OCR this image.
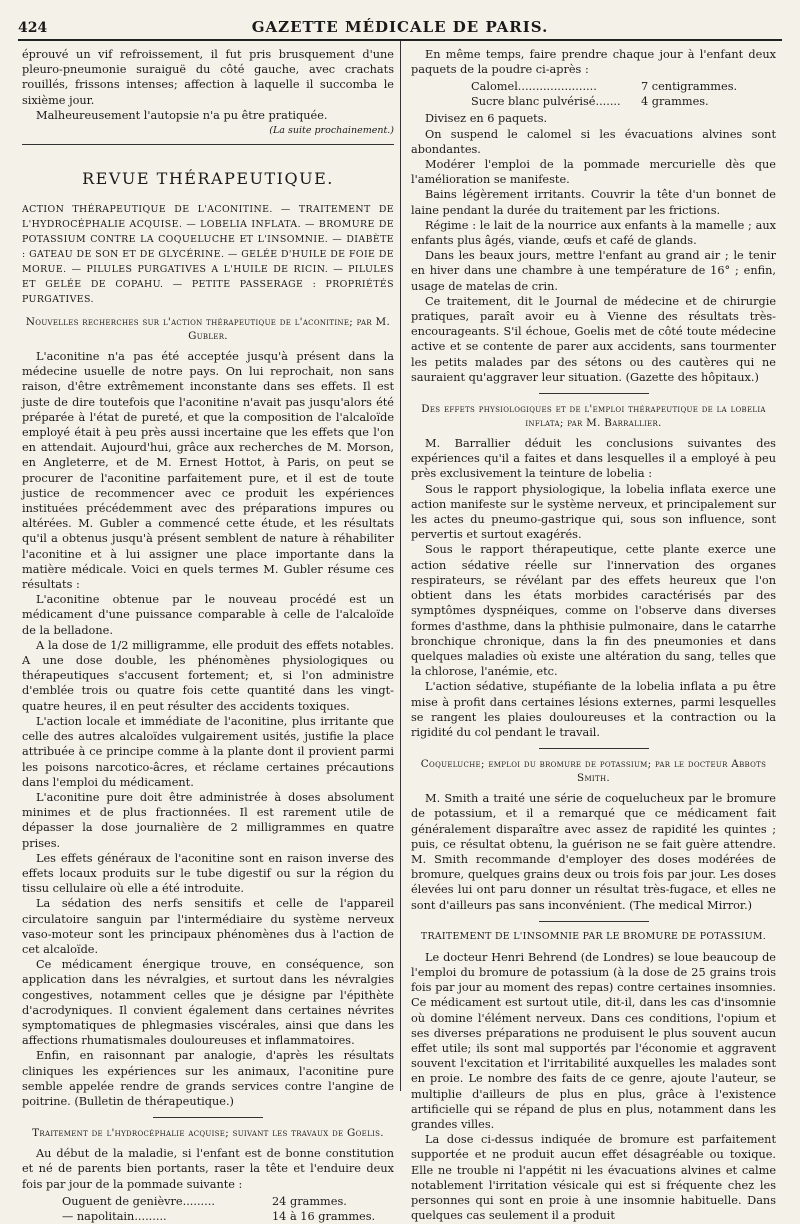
424	GAZETTE MÉDICALE DE PARIS.

éprouvé un vif refroissement, il fut pris brusquement d'une pleuro-pneumonie suraiguë du côté gauche, avec crachats rouillés, frissons intenses; affection à laquelle il succomba le sixième jour.

Malheureusement l'autopsie n'a pu être pratiquée.

(La suite prochainement.)
REVUE THÉRAPEUTIQUE.
ACTION THÉRAPEUTIQUE DE L'ACONITINE. — TRAITEMENT DE L'HYDROCÉPHALIE ACQUISE. — LOBELIA INFLATA. — BROMURE DE POTASSIUM CONTRE LA COQUELUCHE ET L'INSOMNIE. — DIABÈTE : GATEAU DE SON ET DE GLYCÉRINE. — GELÉE D'HUILE DE FOIE DE MORUE. — PILULES PURGATIVES A L'HUILE DE RICIN. — PILULES ET GELÉE DE COPAHU. — PETITE PASSERAGE : PROPRIÉTÉS PURGATIVES.
Nouvelles recherches sur l'action thérapeutique de l'aconitine; par M. Gubler.

L'aconitine n'a pas été acceptée jusqu'à présent dans la médecine usuelle de notre pays. On lui reprochait, non sans raison, d'être extrêmement inconstante dans ses effets. Il est juste de dire toutefois que l'aconitine n'avait pas jusqu'alors été préparée à l'état de pureté, et que la composition de l'alcaloïde employé était à peu près aussi incertaine que les effets que l'on en attendait. Aujourd'hui, grâce aux recherches de M. Morson, en Angleterre, et de M. Ernest Hottot, à Paris, on peut se procurer de l'aconitine parfaitement pure, et il est de toute justice de recommencer avec ce produit les expériences instituées précédemment avec des préparations impures ou altérées. M. Gubler a commencé cette étude, et les résultats qu'il a obtenus jusqu'à présent semblent de nature à réhabiliter l'aconitine et à lui assigner une place importante dans la matière médicale. Voici en quels termes M. Gubler résume ces résultats :

L'aconitine obtenue par le nouveau procédé est un médicament d'une puissance comparable à celle de l'alcaloïde de la belladone.

A la dose de 1/2 milligramme, elle produit des effets notables. A une dose double, les phénomènes physiologiques ou thérapeutiques s'accusent fortement; et, si l'on administre d'emblée trois ou quatre fois cette quantité dans les vingt-quatre heures, il en peut résulter des accidents toxiques.

L'action locale et immédiate de l'aconitine, plus irritante que celle des autres alcaloïdes vulgairement usités, justifie la place attribuée à ce principe comme à la plante dont il provient parmi les poisons narcotico-âcres, et réclame certaines précautions dans l'emploi du médicament.

L'aconitine pure doit être administrée à doses absolument minimes et de plus fractionnées. Il est rarement utile de dépasser la dose journalière de 2 milligrammes en quatre prises.

Les effets généraux de l'aconitine sont en raison inverse des effets locaux produits sur le tube digestif ou sur la région du tissu cellulaire où elle a été introduite.

La sédation des nerfs sensitifs et celle de l'appareil circulatoire sanguin par l'intermédiaire du système nerveux vaso-moteur sont les principaux phénomènes dus à l'action de cet alcaloïde.

Ce médicament énergique trouve, en conséquence, son application dans les névralgies, et surtout dans les névralgies congestives, notamment celles que je désigne par l'épithète d'acrodyniques. Il convient également dans certaines névrites symptomatiques de phlegmasies viscérales, ainsi que dans les affections rhumatismales douloureuses et inflammatoires.

Enfin, en raisonnant par analogie, d'après les résultats cliniques les expériences sur les animaux, l'aconitine pure semble appelée rendre de grands services contre l'angine de poitrine. (Bulletin de thérapeutique.)

Traitement de l'hydrocéphalie acquise; suivant les travaux de Goelis.

Au début de la maladie, si l'enfant est de bonne constitution et né de parents bien portants, raser la tête et l'enduire deux fois par jour de la pommade suivante :

Ouguent de genièvre.........	24 grammes.
— napolitain.........	14 à 16 grammes.

En même temps, faire prendre chaque jour à l'enfant deux paquets de la poudre ci-après :

Calomel......................	7 centigrammes.
Sucre blanc pulvérisé.......	4 grammes.

Divisez en 6 paquets.

On suspend le calomel si les évacuations alvines sont abondantes.

Modérer l'emploi de la pommade mercurielle dès que l'amélioration se manifeste.

Bains légèrement irritants. Couvrir la tête d'un bonnet de laine pendant la durée du traitement par les frictions.

Régime : le lait de la nourrice aux enfants à la mamelle ; aux enfants plus âgés, viande, œufs et café de glands.

Dans les beaux jours, mettre l'enfant au grand air ; le tenir en hiver dans une chambre à une température de 16° ; enfin, usage de matelas de crin.

Ce traitement, dit le Journal de médecine et de chirurgie pratiques, paraît avoir eu à Vienne des résultats très-encourageants. S'il échoue, Goelis met de côté toute médecine active et se contente de parer aux accidents, sans tourmenter les petits malades par des sétons ou des cautères qui ne sauraient qu'aggraver leur situation. (Gazette des hôpitaux.)

Des effets physiologiques et de l'emploi thérapeutique de la lobelia inflata; par M. Barrallier.

M. Barrallier déduit les conclusions suivantes des expériences qu'il a faites et dans lesquelles il a employé à peu près exclusivement la teinture de lobelia :

Sous le rapport physiologique, la lobelia inflata exerce une action manifeste sur le système nerveux, et principalement sur les actes du pneumo-gastrique qui, sous son influence, sont pervertis et surtout exagérés.

Sous le rapport thérapeutique, cette plante exerce une action sédative réelle sur l'innervation des organes respirateurs, se révélant par des effets heureux que l'on obtient dans les états morbides caractérisés par des symptômes dyspnéiques, comme on l'observe dans diverses formes d'asthme, dans la phthisie pulmonaire, dans le catarrhe bronchique chronique, dans la fin des pneumonies et dans quelques maladies où existe une altération du sang, telles que la chlorose, l'anémie, etc.

L'action sédative, stupéfiante de la lobelia inflata a pu être mise à profit dans certaines lésions externes, parmi lesquelles se rangent les plaies douloureuses et la contraction ou la rigidité du col pendant le travail.

Coqueluche; emploi du bromure de potassium; par le docteur Abbots Smith.

M. Smith a traité une série de coquelucheux par le bromure de potassium, et il a remarqué que ce médicament fait généralement disparaître avec assez de rapidité les quintes ; puis, ce résultat obtenu, la guérison ne se fait guère attendre. M. Smith recommande d'employer des doses modérées de bromure, quelques grains deux ou trois fois par jour. Les doses élevées lui ont paru donner un résultat très-fugace, et elles ne sont d'ailleurs pas sans inconvénient. (The medical Mirror.)

TRAITEMENT DE L'INSOMNIE PAR LE BROMURE DE POTASSIUM.

Le docteur Henri Behrend (de Londres) se loue beaucoup de l'emploi du bromure de potassium (à la dose de 25 grains trois fois par jour au moment des repas) contre certaines insomnies. Ce médicament est surtout utile, dit-il, dans les cas d'insomnie où domine l'élément nerveux. Dans ces conditions, l'opium et ses diverses préparations ne produisent le plus souvent aucun effet utile; ils sont mal supportés par l'économie et aggravent souvent l'excitation et l'irritabilité auxquelles les malades sont en proie. Le nombre des faits de ce genre, ajoute l'auteur, se multiplie d'ailleurs de plus en plus, grâce à l'existence artificielle qui se répand de plus en plus, notamment dans les grandes villes.

La dose ci-dessus indiquée de bromure est parfaitement supportée et ne produit aucun effet désagréable ou toxique. Elle ne trouble ni l'appétit ni les évacuations alvines et calme notablement l'irritation vésicale qui est si fréquente chez les personnes qui sont en proie à une insomnie habituelle. Dans quelques cas seulement il a produit
